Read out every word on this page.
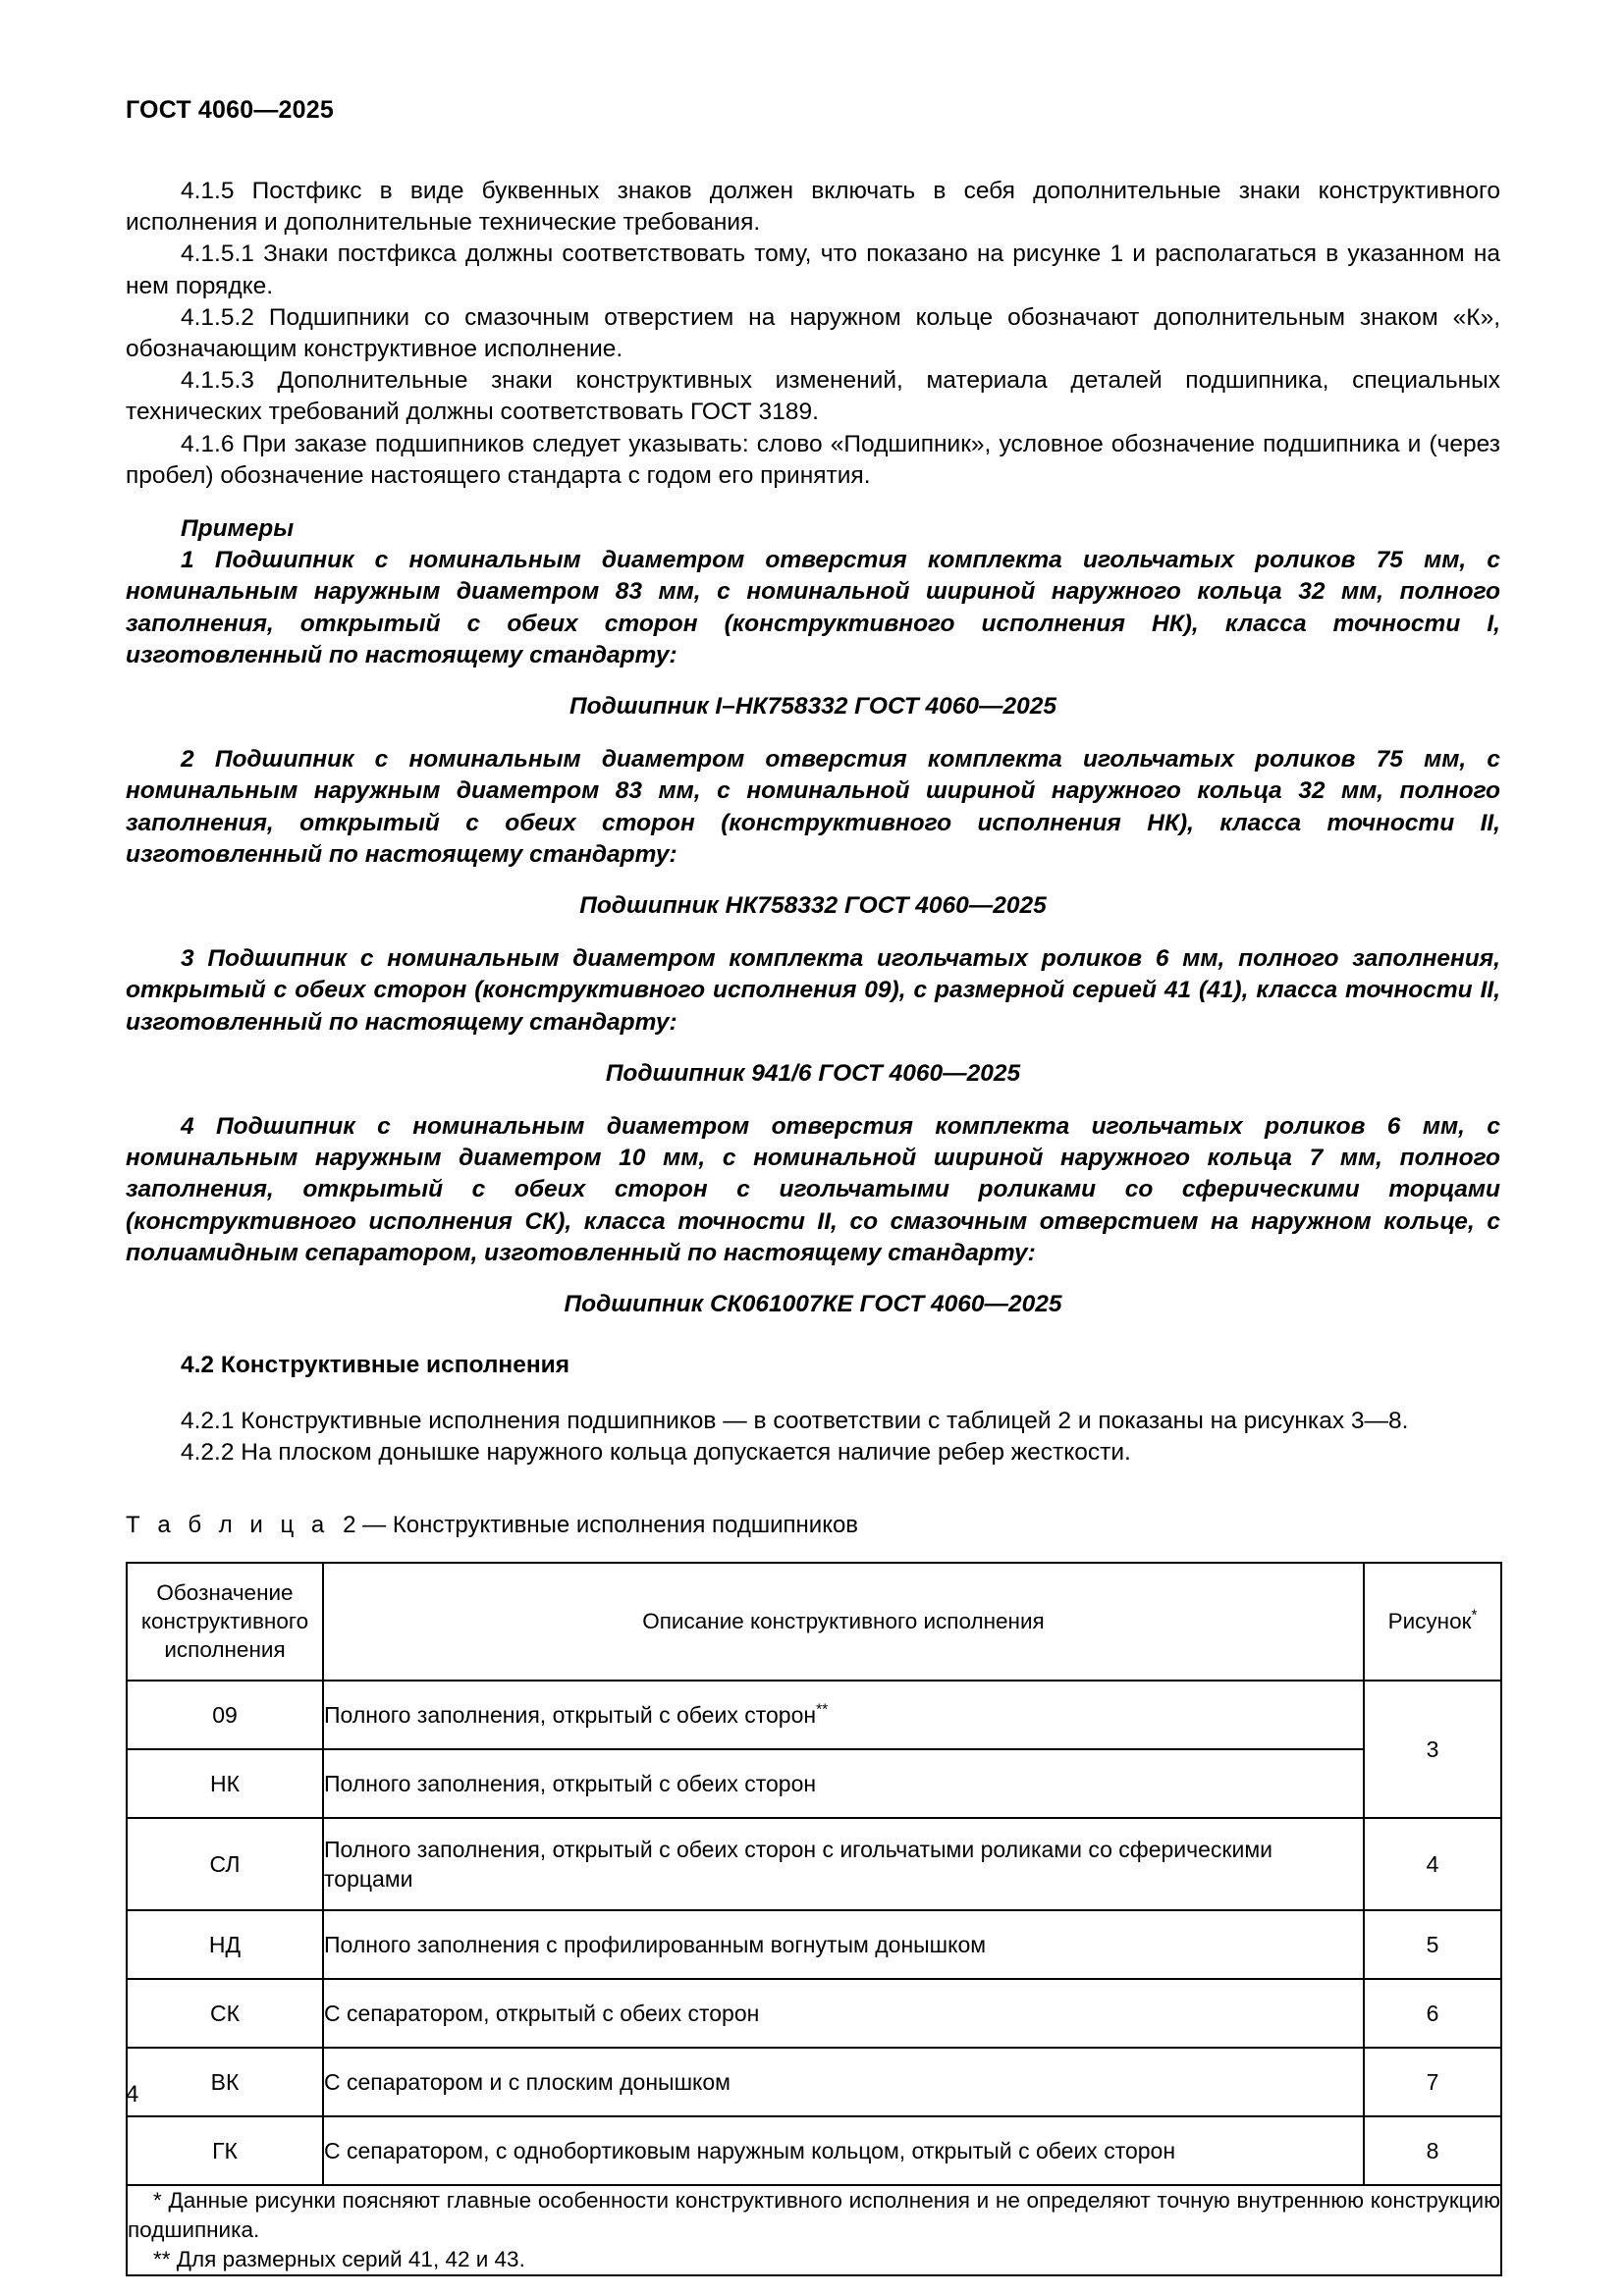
ГОСТ 4060—2025

4.1.5 Постфикс в виде буквенных знаков должен включать в себя дополнительные знаки конструктивного исполнения и дополнительные технические требования.

4.1.5.1 Знаки постфикса должны соответствовать тому, что показано на рисунке 1 и располагаться в указанном на нем порядке.

4.1.5.2 Подшипники со смазочным отверстием на наружном кольце обозначают дополнительным знаком «К», обозначающим конструктивное исполнение.

4.1.5.3 Дополнительные знаки конструктивных изменений, материала деталей подшипника, специальных технических требований должны соответствовать ГОСТ 3189.

4.1.6 При заказе подшипников следует указывать: слово «Подшипник», условное обозначение подшипника и (через пробел) обозначение настоящего стандарта с годом его принятия.

Примеры

1 Подшипник с номинальным диаметром отверстия комплекта игольчатых роликов 75 мм, с номинальным наружным диаметром 83 мм, с номинальной шириной наружного кольца 32 мм, полного заполнения, открытый с обеих сторон (конструктивного исполнения НК), класса точности I, изготовленный по настоящему стандарту:

Подшипник I–НК758332 ГОСТ 4060—2025

2 Подшипник с номинальным диаметром отверстия комплекта игольчатых роликов 75 мм, с номинальным наружным диаметром 83 мм, с номинальной шириной наружного кольца 32 мм, полного заполнения, открытый с обеих сторон (конструктивного исполнения НК), класса точности II, изготовленный по настоящему стандарту:

Подшипник НК758332 ГОСТ 4060—2025

3 Подшипник с номинальным диаметром комплекта игольчатых роликов 6 мм, полного заполнения, открытый с обеих сторон (конструктивного исполнения 09), с размерной серией 41 (41), класса точности II, изготовленный по настоящему стандарту:

Подшипник 941/6 ГОСТ 4060—2025

4 Подшипник с номинальным диаметром отверстия комплекта игольчатых роликов 6 мм, с номинальным наружным диаметром 10 мм, с номинальной шириной наружного кольца 7 мм, полного заполнения, открытый с обеих сторон с игольчатыми роликами со сферическими торцами (конструктивного исполнения СК), класса точности II, со смазочным отверстием на наружном кольце, с полиамидным сепаратором, изготовленный по настоящему стандарту:

Подшипник СК061007КЕ ГОСТ 4060—2025

4.2 Конструктивные исполнения

4.2.1 Конструктивные исполнения подшипников — в соответствии с таблицей 2 и показаны на рисунках 3—8.

4.2.2 На плоском донышке наружного кольца допускается наличие ребер жесткости.

Т а б л и ц а 2 — Конструктивные исполнения подшипников

Обозначение конструктивного исполнения	Описание конструктивного исполнения	Рисунок*
09	Полного заполнения, открытый с обеих сторон**	3
НК	Полного заполнения, открытый с обеих сторон	
СЛ	Полного заполнения, открытый с обеих сторон с игольчатыми роликами со сферическими торцами	4
НД	Полного заполнения с профилированным вогнутым донышком	5
СК	С сепаратором, открытый с обеих сторон	6
ВК	С сепаратором и с плоским донышком	7
ГК	С сепаратором, с однобортиковым наружным кольцом, открытый с обеих сторон	8

* Данные рисунки поясняют главные особенности конструктивного исполнения и не определяют точную внутреннюю конструкцию подшипника.

** Для размерных серий 41, 42 и 43.		

4
